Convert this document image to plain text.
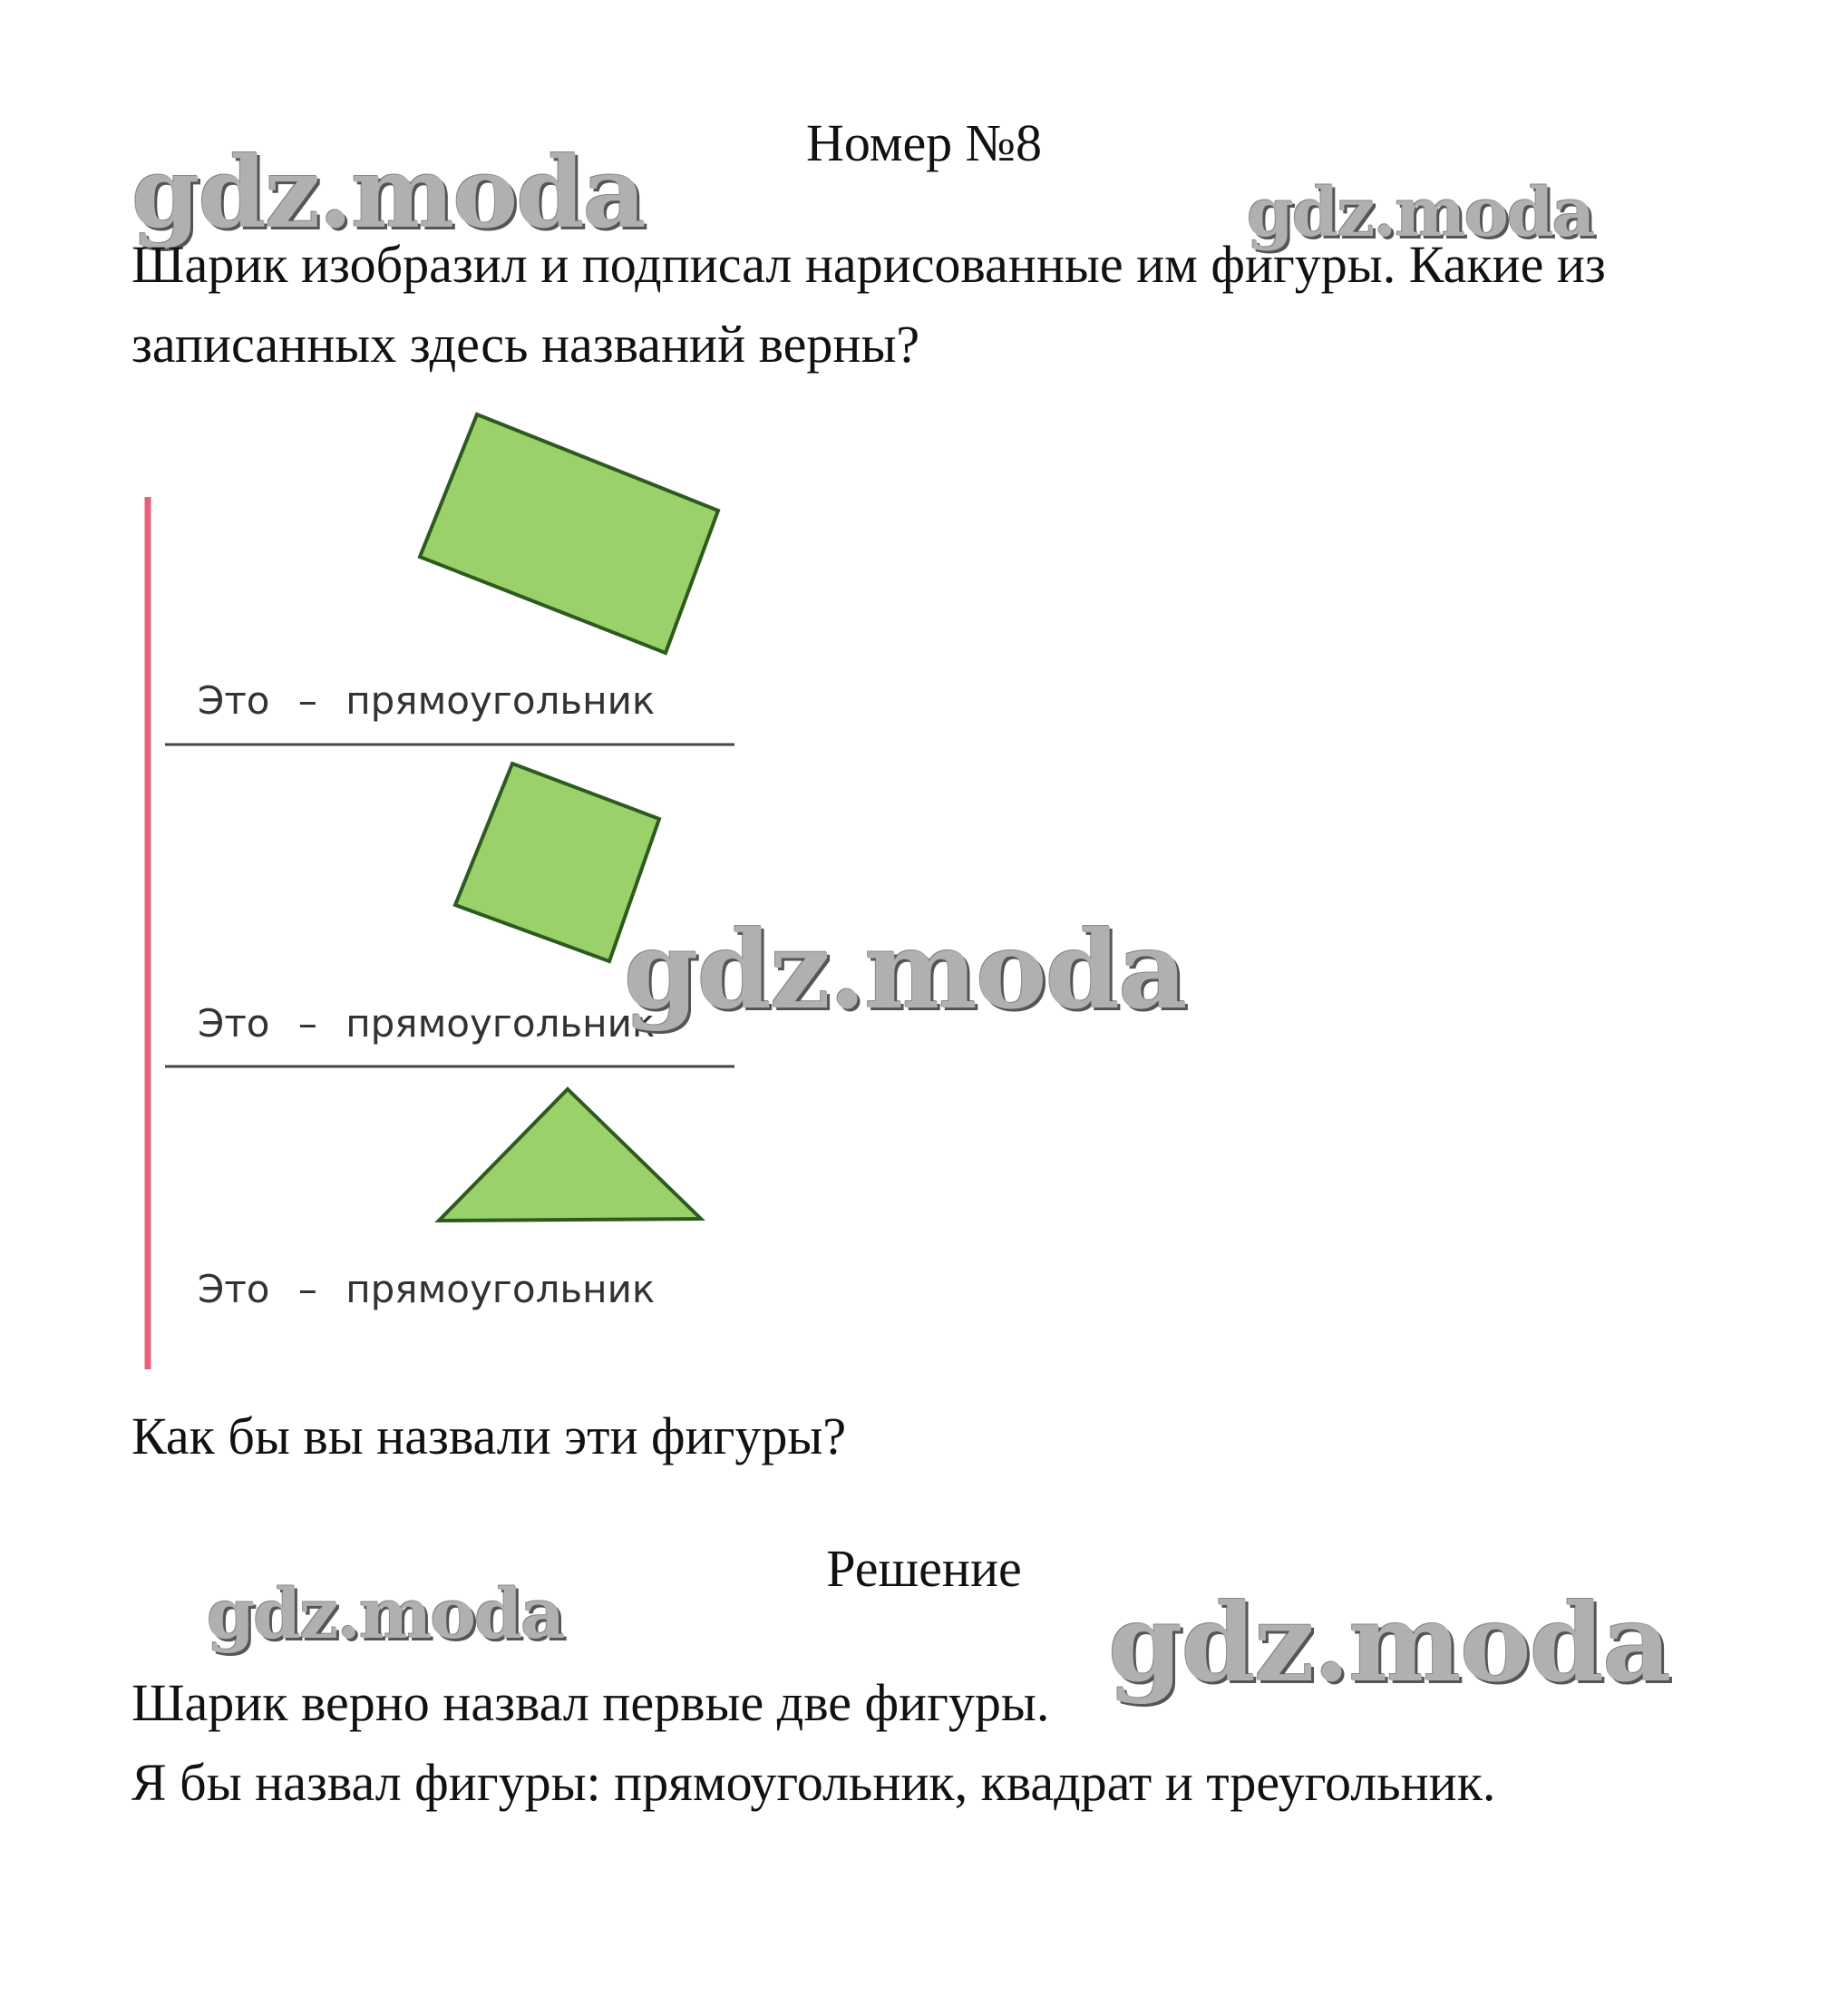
Номер №8
gdz.moda	gdz.moda
Шарик изобразил и подписал нарисованные им фигуры. Какие из
записанных здесь названий верны?
Это – прямоугольник
Это – прямоугольник
Это – прямоугольник
gdz.moda
Как бы вы назвали эти фигуры?
Решение
gdz.moda	gdz.moda
Шарик верно назвал первые две фигуры.
Я бы назвал фигуры: прямоугольник, квадрат и треугольник.
